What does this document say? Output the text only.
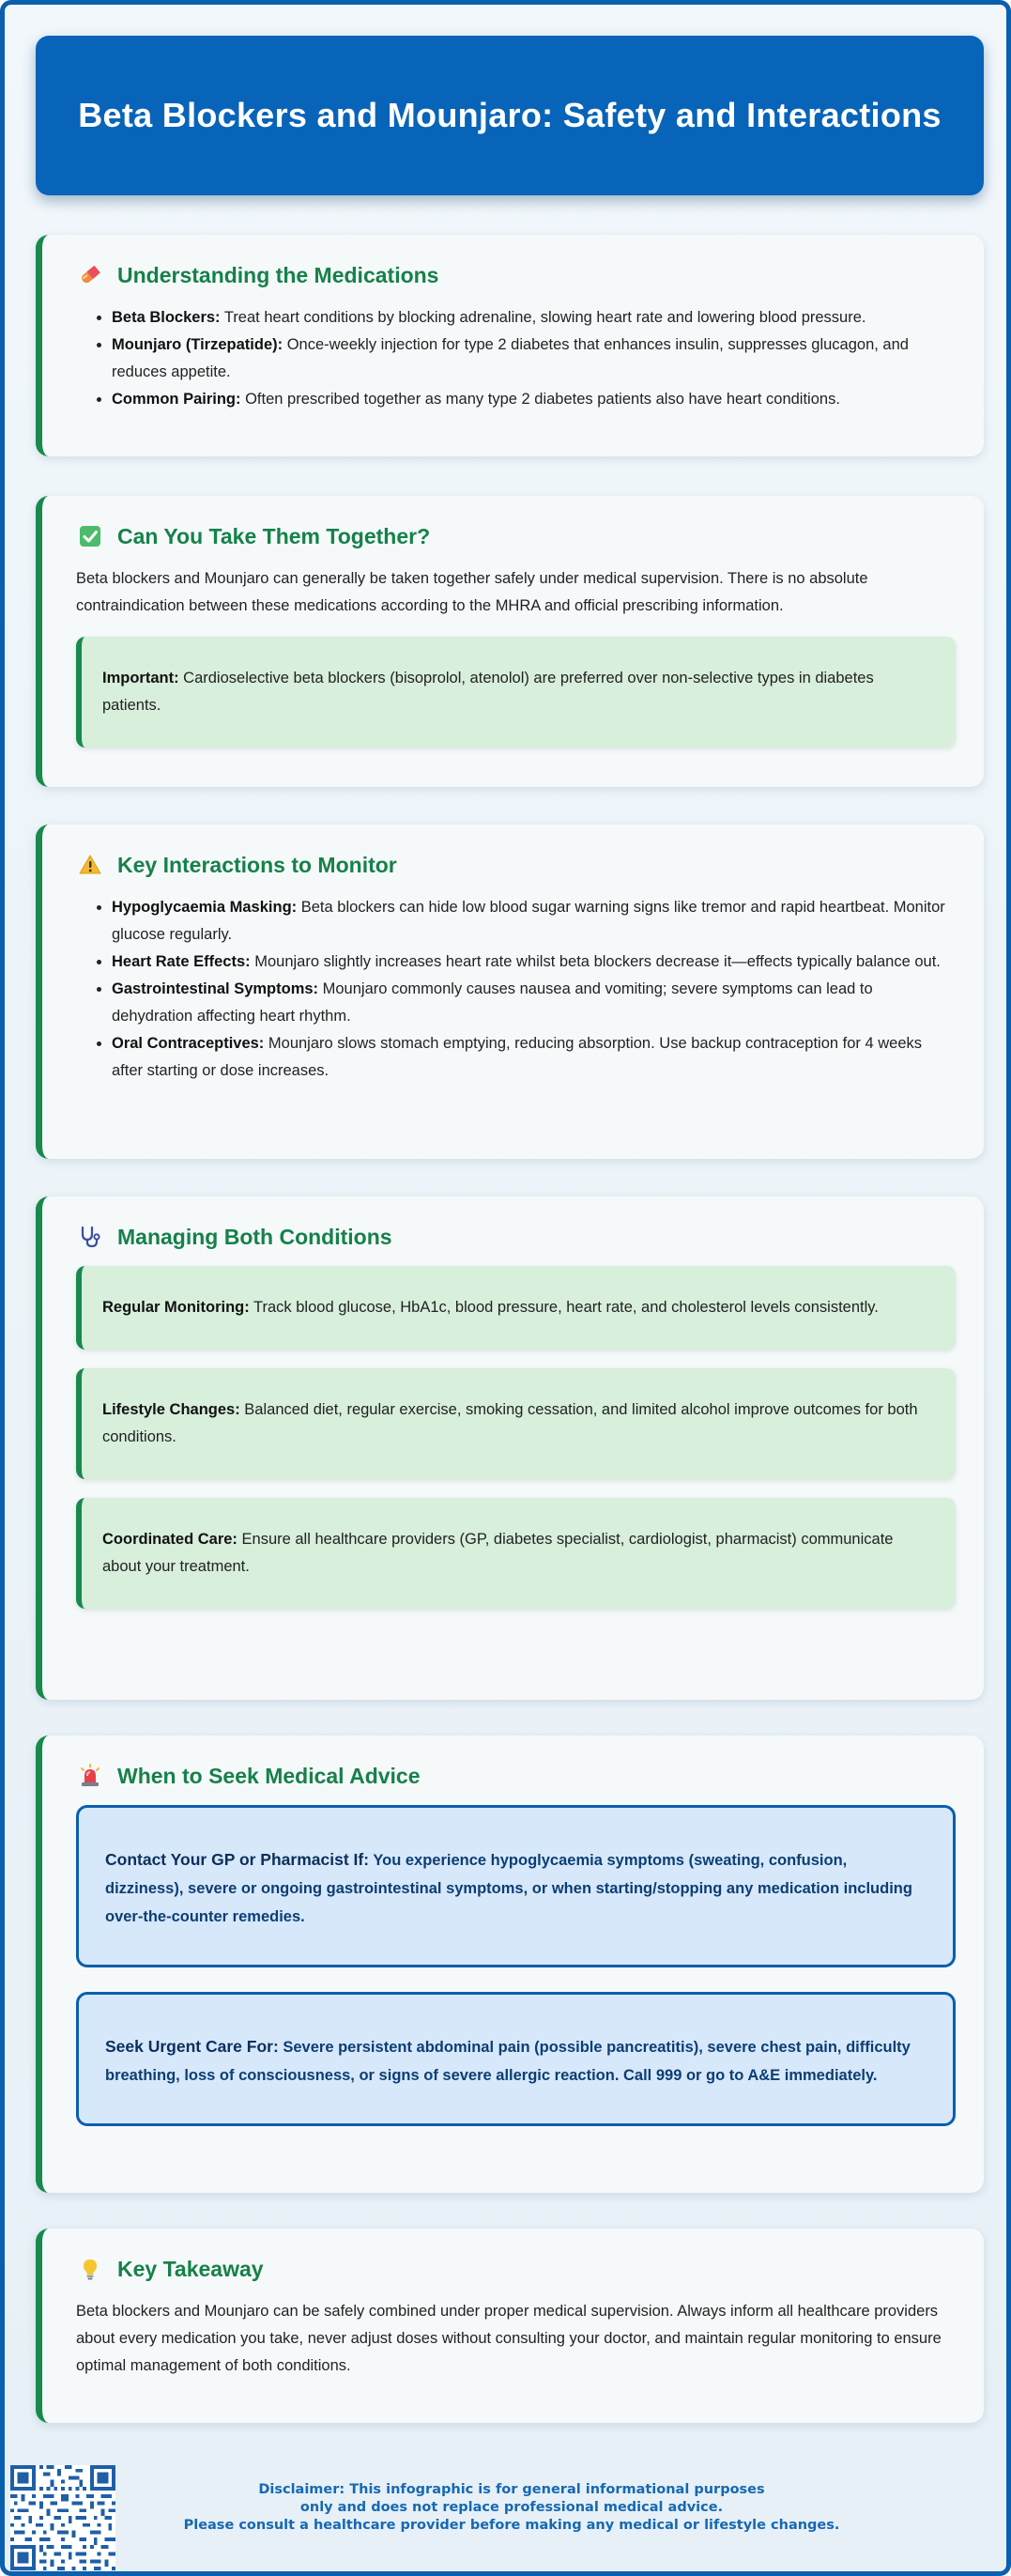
Beta Blockers and Mounjaro: Safety and Interactions
Understanding the Medications
• Beta Blockers: Treat heart conditions by blocking adrenaline, slowing heart rate and lowering blood pressure.
• Mounjaro (Tirzepatide): Once-weekly injection for type 2 diabetes that enhances insulin, suppresses glucagon, and reduces appetite.
• Common Pairing: Often prescribed together as many type 2 diabetes patients also have heart conditions.
Can You Take Them Together?

Beta blockers and Mounjaro can generally be taken together safely under medical supervision. There is no absolute contraindication between these medications according to the MHRA and official prescribing information.

Important: Cardioselective beta blockers (bisoprolol, atenolol) are preferred over non-selective types in diabetes patients.
Key Interactions to Monitor
• Hypoglycaemia Masking: Beta blockers can hide low blood sugar warning signs like tremor and rapid heartbeat. Monitor glucose regularly.
• Heart Rate Effects: Mounjaro slightly increases heart rate whilst beta blockers decrease it—effects typically balance out.
• Gastrointestinal Symptoms: Mounjaro commonly causes nausea and vomiting; severe symptoms can lead to dehydration affecting heart rhythm.
• Oral Contraceptives: Mounjaro slows stomach emptying, reducing absorption. Use backup contraception for 4 weeks after starting or dose increases.
Managing Both Conditions
Regular Monitoring: Track blood glucose, HbA1c, blood pressure, heart rate, and cholesterol levels consistently.
Lifestyle Changes: Balanced diet, regular exercise, smoking cessation, and limited alcohol improve outcomes for both conditions.
Coordinated Care: Ensure all healthcare providers (GP, diabetes specialist, cardiologist, pharmacist) communicate about your treatment.
When to Seek Medical Advice
Contact Your GP or Pharmacist If: You experience hypoglycaemia symptoms (sweating, confusion, dizziness), severe or ongoing gastrointestinal symptoms, or when starting/stopping any medication including over-the-counter remedies.
Seek Urgent Care For: Severe persistent abdominal pain (possible pancreatitis), severe chest pain, difficulty breathing, loss of consciousness, or signs of severe allergic reaction. Call 999 or go to A&E immediately.
Key Takeaway

Beta blockers and Mounjaro can be safely combined under proper medical supervision. Always inform all healthcare providers about every medication you take, never adjust doses without consulting your doctor, and maintain regular monitoring to ensure optimal management of both conditions.

Disclaimer: This infographic is for general informational purposes
only and does not replace professional medical advice.
Please consult a healthcare provider before making any medical or lifestyle changes.
